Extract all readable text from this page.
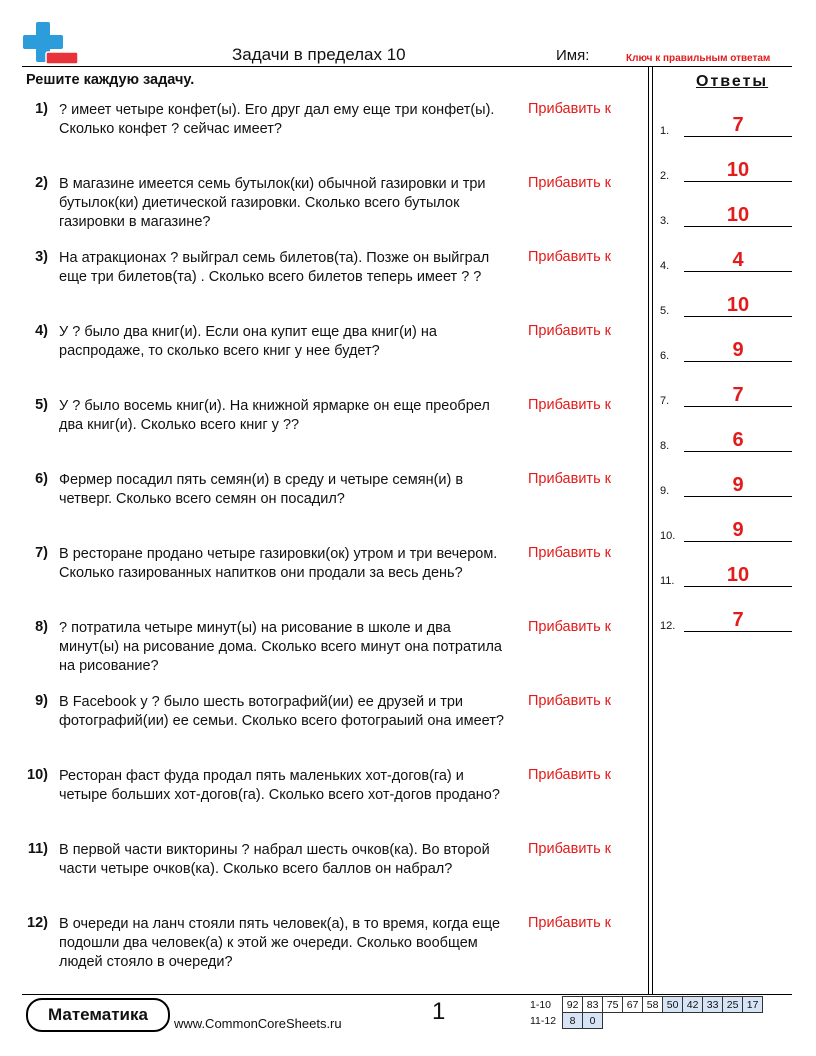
Задачи в пределах 10	Имя:	Ключ к правильным ответам
Решите каждую задачу.	Ответы
1) ? имеет четыре конфет(ы). Его друг дал ему еще три конфет(ы). Сколько конфет ? сейчас имеет?
Прибавить к
2) В магазине имеется семь бутылок(ки) обычной газировки и три бутылок(ки) диетической газировки. Сколько всего бутылок газировки в магазине?
Прибавить к
3) На атракционах ? выйграл семь билетов(та). Позже он выйграл еще три билетов(та) . Сколько всего билетов теперь имеет ? ?
Прибавить к
4) У ? было два книг(и). Если она купит еще два книг(и) на распродаже, то сколько всего книг у нее будет?
Прибавить к
5) У ? было восемь книг(и). На книжной ярмарке он еще преобрел два книг(и). Сколько всего книг у ??
Прибавить к
6) Фермер посадил пять семян(и) в среду и четыре семян(и) в четверг. Сколько всего семян он посадил?
Прибавить к
7) В ресторане продано четыре газировки(ок) утром и три вечером. Сколько газированных напитков они продали за весь день?
Прибавить к
8) ? потратила четыре минут(ы) на рисование в школе и два минут(ы) на рисование дома. Сколько всего минут она потратила на рисование?
Прибавить к
9) В Facebook у ? было шесть вотографий(ии) ее друзей и три фотографий(ии) ее семьи. Сколько всего фотограыий она имеет?
Прибавить к
10) Ресторан фаст фуда продал пять маленьких хот-догов(га) и четыре больших хот-догов(га). Сколько всего хот-догов продано?
Прибавить к
11) В первой части викторины ? набрал шесть очков(ка). Во второй части четыре очков(ка). Сколько всего баллов он набрал?
Прибавить к
12) В очереди на ланч стояли пять человек(а), в то время, когда еще подошли два человек(а) к этой же очереди. Сколько вообщем людей стояло в очереди?
Прибавить к
1.	7
2.	10
3.	10
4.	4
5.	10
6.	9
7.	7
8.	6
9.	9
10.	9
11.	10
12.	7
Математика	www.CommonCoreSheets.ru	1	1-10	92	83	75	67	58	50	42	33	25	17
11-12	8	0								
